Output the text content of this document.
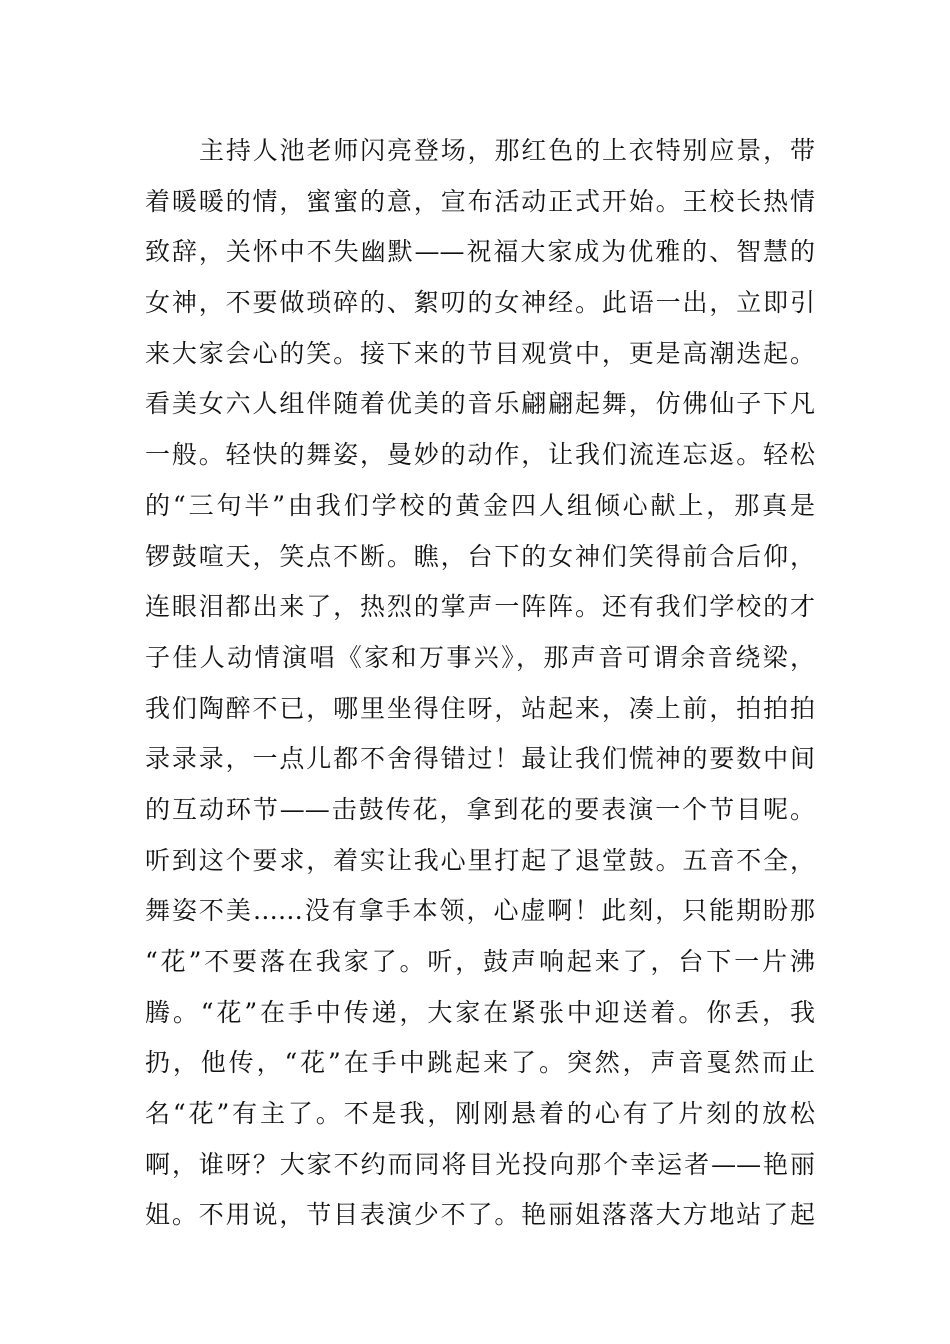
主持人池老师闪亮登场，那红色的上衣特别应景，带
着暖暖的情，蜜蜜的意，宣布活动正式开始。王校长热情
致辞，关怀中不失幽默——祝福大家成为优雅的、智慧的
女神，不要做琐碎的、絮叨的女神经。此语一出，立即引
来大家会心的笑。接下来的节目观赏中，更是高潮迭起。
看美女六人组伴随着优美的音乐翩翩起舞，仿佛仙子下凡
一般。轻快的舞姿，曼妙的动作，让我们流连忘返。轻松
的“三句半”由我们学校的黄金四人组倾心献上，那真是
锣鼓喧天，笑点不断。瞧，台下的女神们笑得前合后仰，
连眼泪都出来了，热烈的掌声一阵阵。还有我们学校的才
子佳人动情演唱《家和万事兴》，那声音可谓余音绕梁，
我们陶醉不已，哪里坐得住呀，站起来，凑上前，拍拍拍
录录录，一点儿都不舍得错过！最让我们慌神的要数中间
的互动环节——击鼓传花，拿到花的要表演一个节目呢。
听到这个要求，着实让我心里打起了退堂鼓。五音不全，
舞姿不美……没有拿手本领，心虚啊！此刻，只能期盼那
“花”不要落在我家了。听，鼓声响起来了，台下一片沸
腾。“花”在手中传递，大家在紧张中迎送着。你丢，我
扔，他传，“花”在手中跳起来了。突然，声音戛然而止
名“花”有主了。不是我，刚刚悬着的心有了片刻的放松
啊，谁呀？大家不约而同将目光投向那个幸运者——艳丽
姐。不用说，节目表演少不了。艳丽姐落落大方地站了起
